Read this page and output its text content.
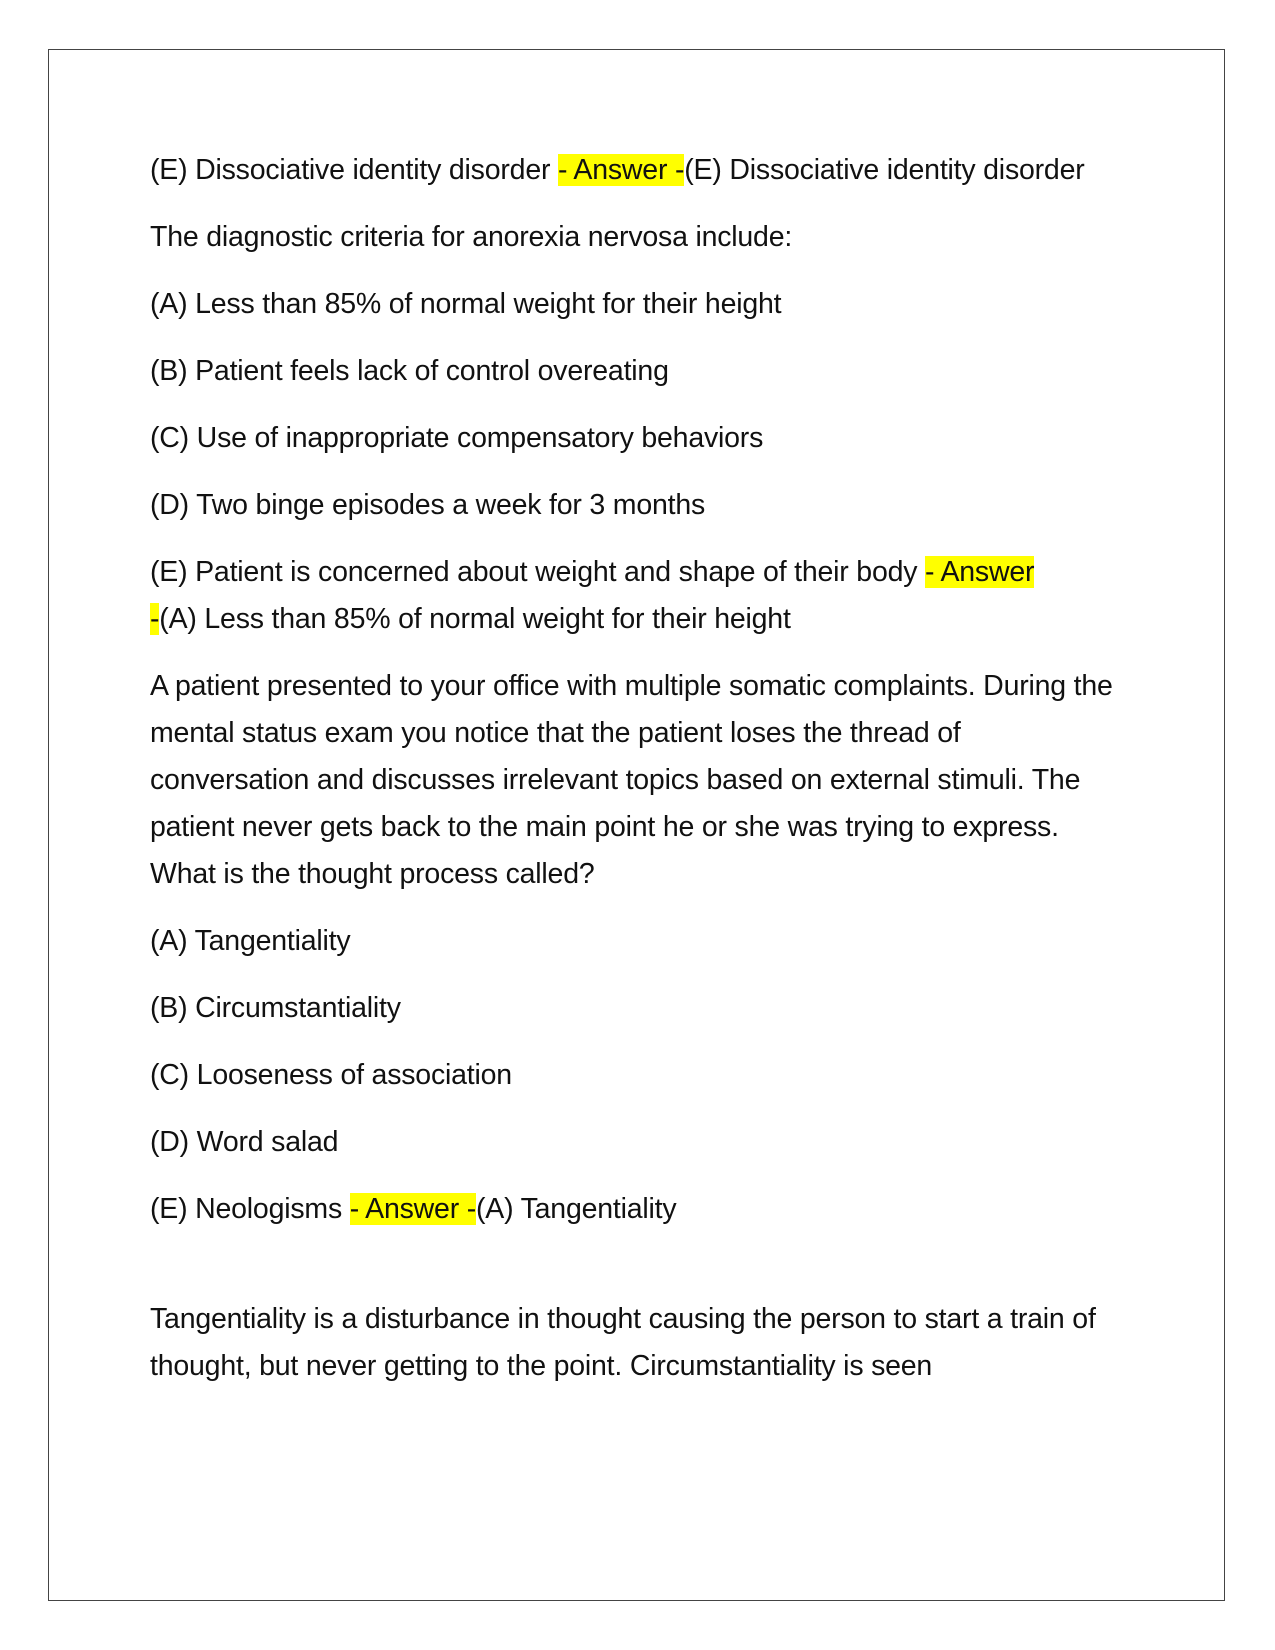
(E) Dissociative identity disorder - Answer -(E) Dissociative identity disorder

The diagnostic criteria for anorexia nervosa include:

(A) Less than 85% of normal weight for their height

(B) Patient feels lack of control overeating

(C) Use of inappropriate compensatory behaviors

(D) Two binge episodes a week for 3 months

(E) Patient is concerned about weight and shape of their body - Answer
-(A) Less than 85% of normal weight for their height

A patient presented to your office with multiple somatic complaints. During the mental status exam you notice that the patient loses the thread of conversation and discusses irrelevant topics based on external stimuli. The patient never gets back to the main point he or she was trying to express. What is the thought process called?

(A) Tangentiality

(B) Circumstantiality

(C) Looseness of association

(D) Word salad

(E) Neologisms - Answer -(A) Tangentiality

Tangentiality is a disturbance in thought causing the person to start a train of thought, but never getting to the point. Circumstantiality is seen
